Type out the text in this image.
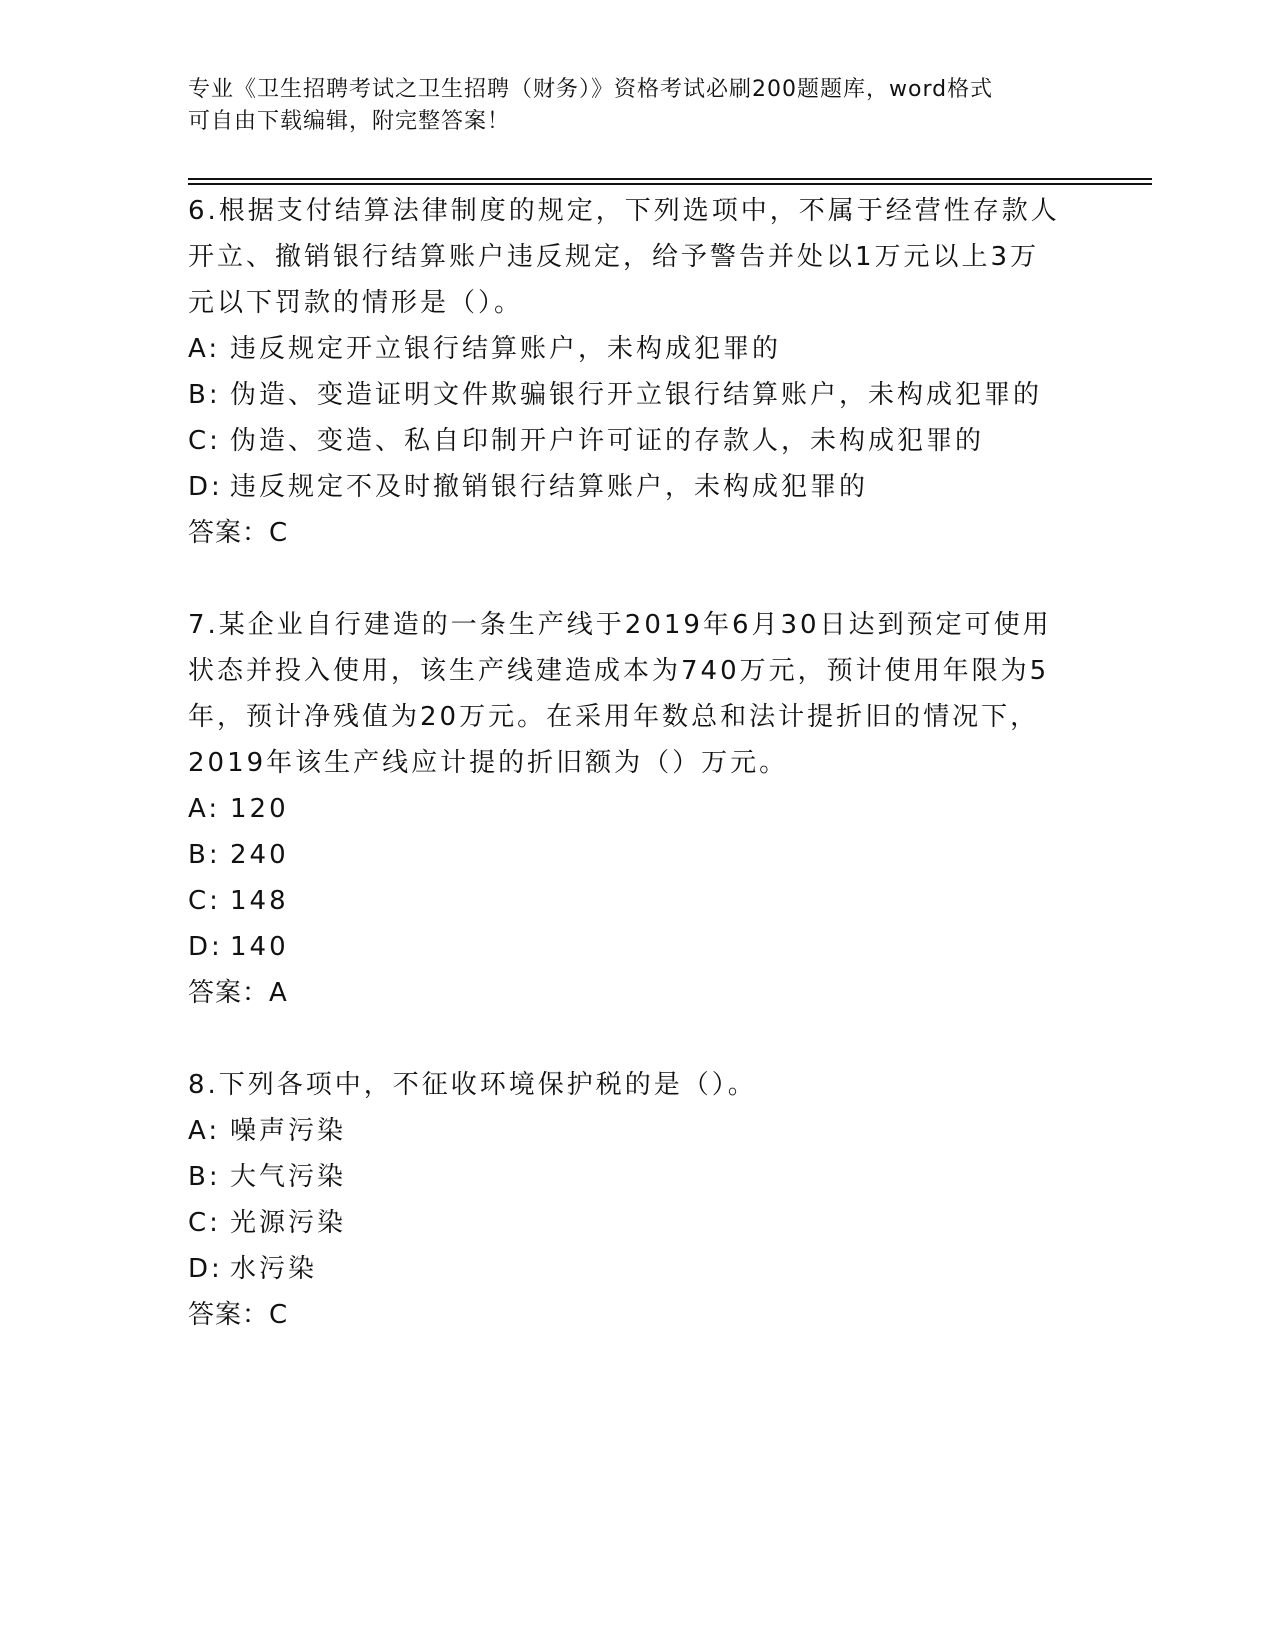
专业《卫生招聘考试之卫生招聘（财务）》资格考试必刷200题题库，word格式
可自由下载编辑，附完整答案！

6.根据支付结算法律制度的规定，下列选项中，不属于经营性存款人开立、撤销银行结算账户违反规定，给予警告并处以1万元以上3万元以下罚款的情形是（）。

A: 违反规定开立银行结算账户，未构成犯罪的
B: 伪造、变造证明文件欺骗银行开立银行结算账户，未构成犯罪的
C: 伪造、变造、私自印制开户许可证的存款人，未构成犯罪的
D: 违反规定不及时撤销银行结算账户，未构成犯罪的
答案：C

7.某企业自行建造的一条生产线于2019年6月30日达到预定可使用状态并投入使用，该生产线建造成本为740万元，预计使用年限为5年，预计净残值为20万元。在采用年数总和法计提折旧的情况下，2019年该生产线应计提的折旧额为（）万元。

A: 120
B: 240
C: 148
D: 140
答案：A

8.下列各项中，不征收环境保护税的是（）。

A: 噪声污染
B: 大气污染
C: 光源污染
D: 水污染
答案：C
